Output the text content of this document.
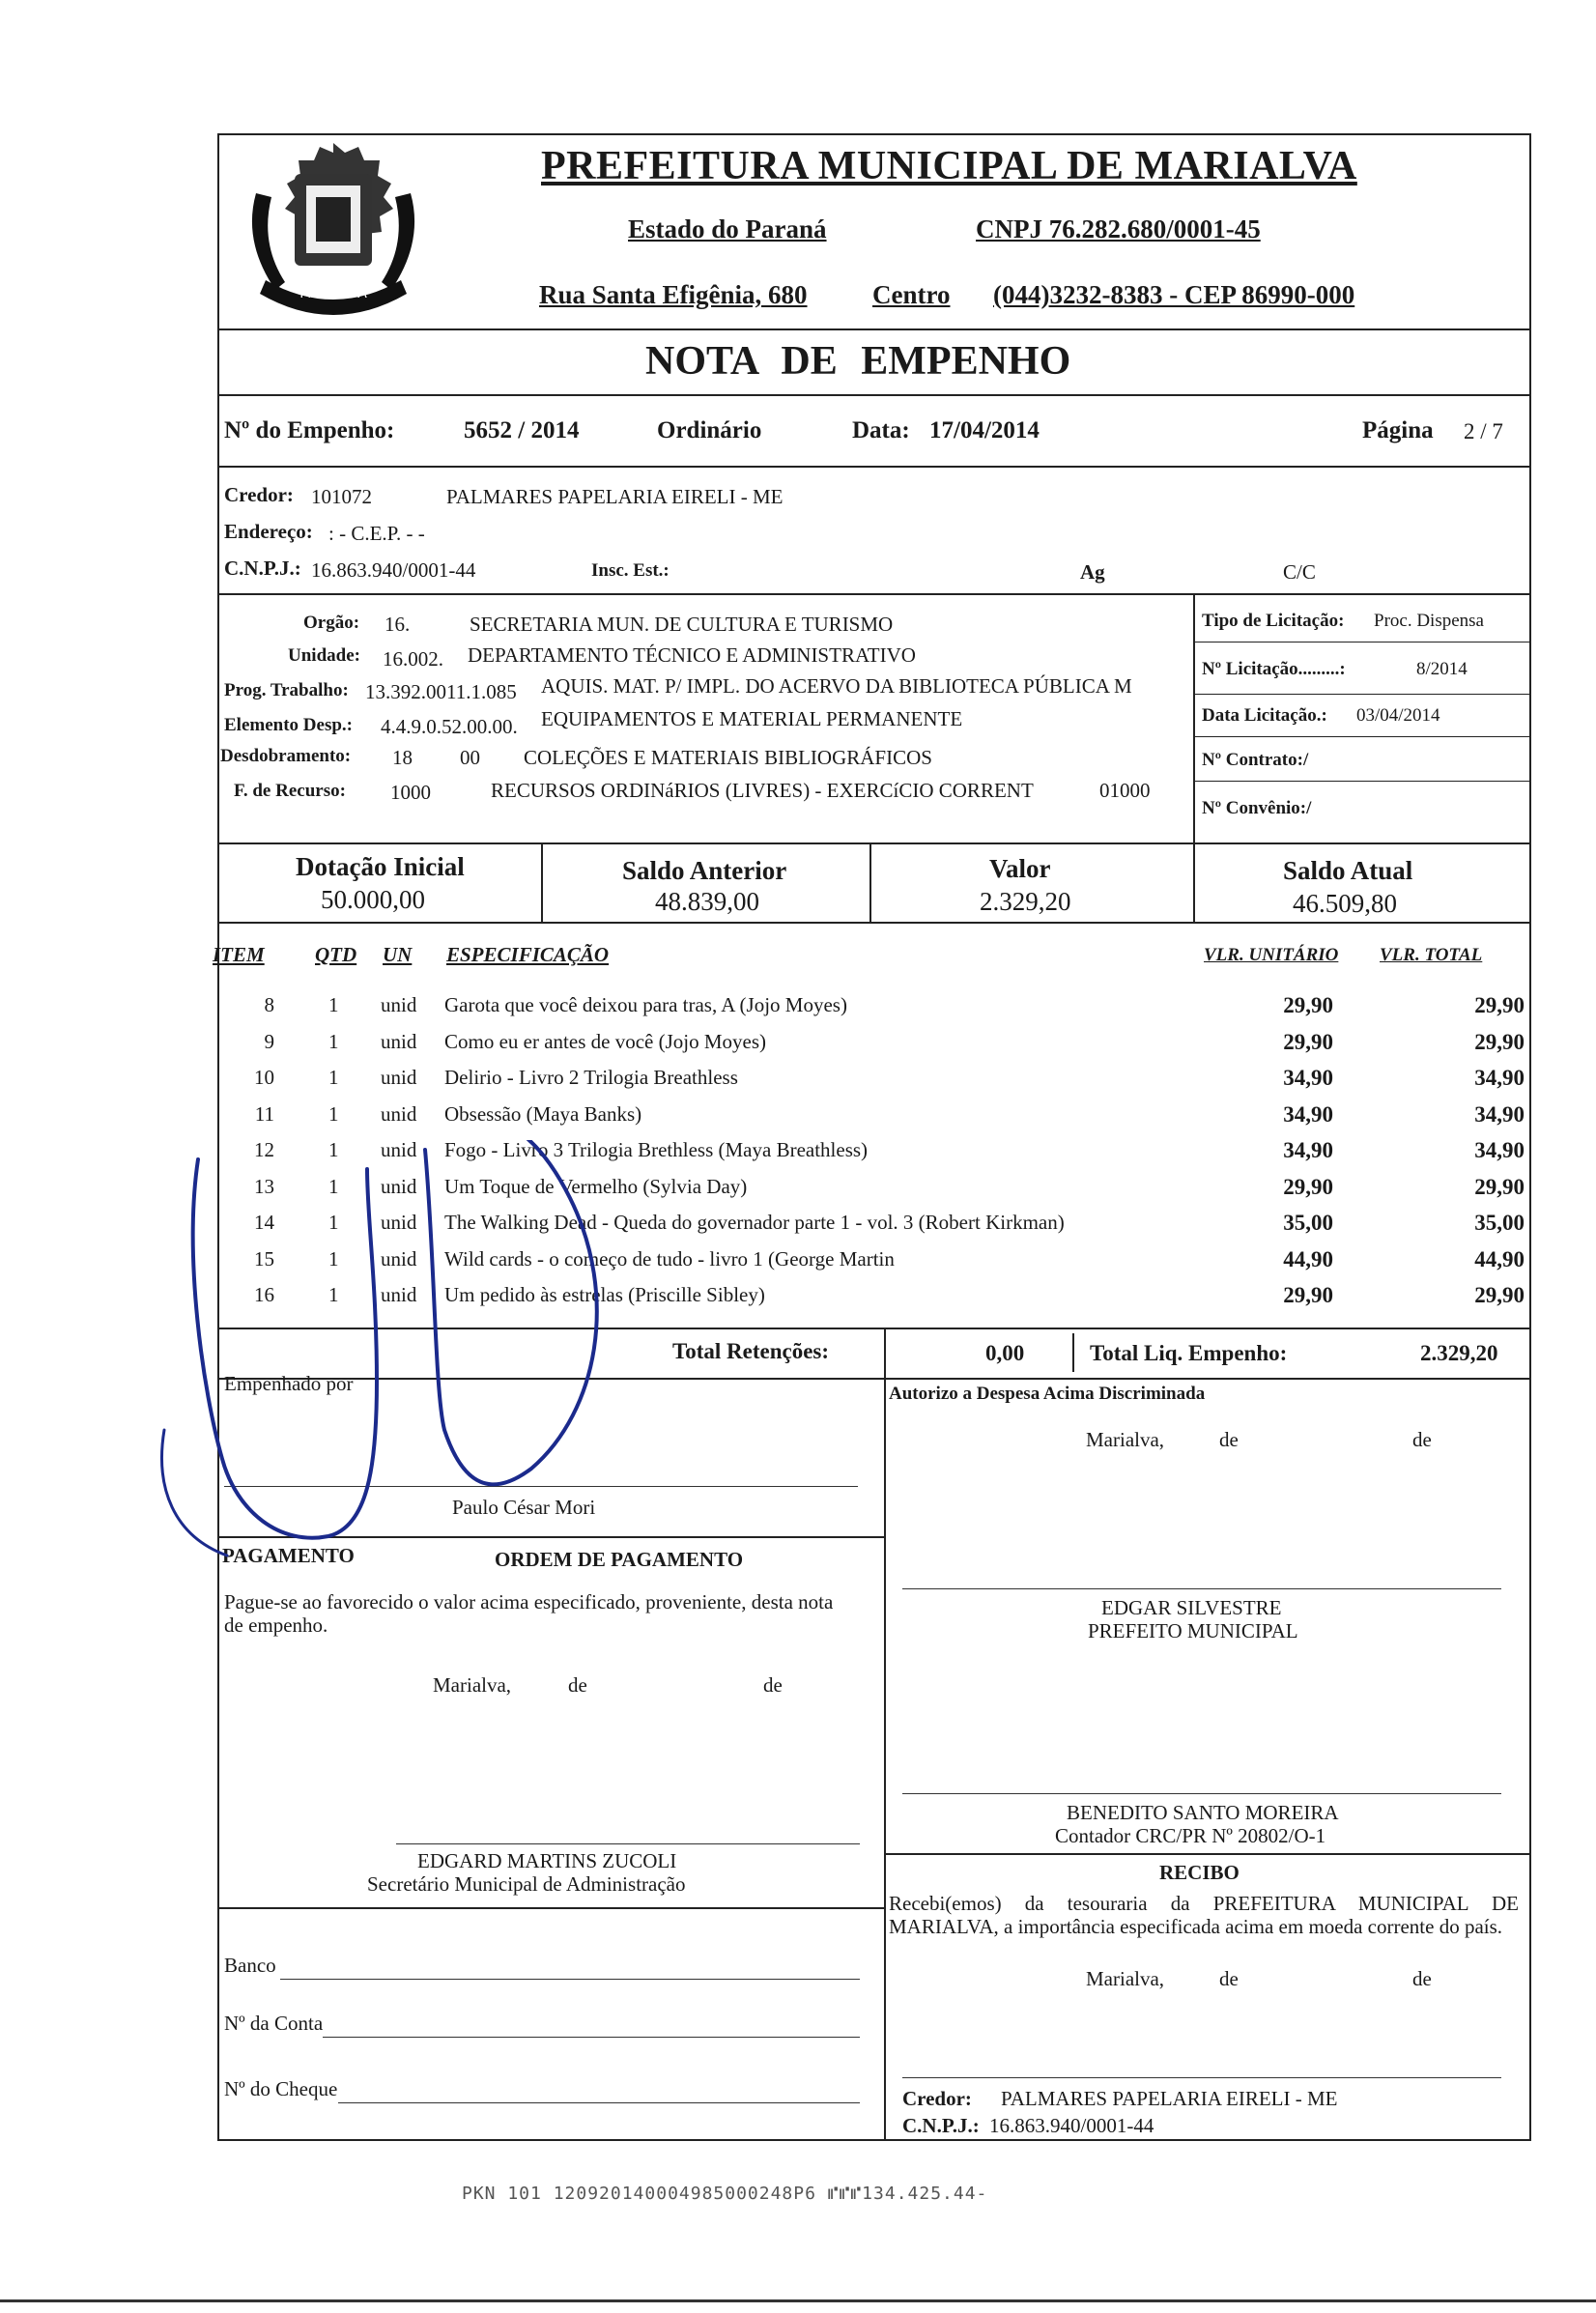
MARIALVA
PREFEITURA MUNICIPAL DE MARIALVA
Estado do Paraná	CNPJ 76.282.680/0001-45
Rua Santa Efigênia, 680 Centro (044)3232-8383 - CEP 86990-000
NOTA DE EMPENHO
Nº do Empenho:	5652 / 2014	Ordinário	Data: 17/04/2014	Página 2 / 7
Credor: 101072	PALMARES PAPELARIA EIRELI - ME
Endereço: : - C.E.P. - -
C.N.P.J.: 16.863.940/0001-44	Insc. Est.:	Ag	C/C
Orgão: 16.	SECRETARIA MUN. DE CULTURA E TURISMO
Unidade: 16.002. DEPARTAMENTO TÉCNICO E ADMINISTRATIVO
Prog. Trabalho: 13.392.0011.1.085 AQUIS. MAT. P/ IMPL. DO ACERVO DA BIBLIOTECA PÚBLICA M
Elemento Desp.: 4.4.9.0.52.00.00. EQUIPAMENTOS E MATERIAL PERMANENTE
Desdobramento: 18 00 COLEÇÕES E MATERIAIS BIBLIOGRÁFICOS
F. de Recurso: 1000	RECURSOS ORDINáRIOS (LIVRES) - EXERCíCIO CORRENT	01000
Tipo de Licitação: Proc. Dispensa
Nº Licitação.........:	8/2014
Data Licitação.: 03/04/2014
Nº Contrato:/
Nº Convênio:/
Dotação Inicial
50.000,00
Saldo Anterior
48.839,00
Valor
2.329,20
Saldo Atual
46.509,80
ITEM QTD UN ESPECIFICAÇÃO	VLR. UNITÁRIO VLR. TOTAL
8	1 unid Garota que você deixou para tras, A (Jojo Moyes)	29,90	29,90
9	1 unid Como eu er antes de você (Jojo Moyes)	29,90	29,90
10	1 unid Delirio - Livro 2 Trilogia Breathless	34,90	34,90
11	1 unid Obsessão (Maya Banks)	34,90	34,90
12	1 unid Fogo - Livro 3 Trilogia Brethless (Maya Breathless)	34,90	34,90
13	1 unid Um Toque de Vermelho (Sylvia Day)	29,90	29,90
14	1 unid The Walking Dead - Queda do governador parte 1 - vol. 3 (Robert Kirkman)	35,00	35,00
15	1 unid Wild cards - o começo de tudo - livro 1 (George Martin	44,90	44,90
16	1 unid Um pedido às estrelas (Priscille Sibley)	29,90	29,90
Total Retenções:	0,00	Total Liq. Empenho:	2.329,20
Empenhado por
Paulo César Mori
Autorizo a Despesa Acima Discriminada
Marialva,	de	de
PAGAMENTO	ORDEM DE PAGAMENTO
Pague-se ao favorecido o valor acima especificado, proveniente, desta nota de empenho.
Marialva,	de	de
EDGAR SILVESTRE
PREFEITO MUNICIPAL
BENEDITO SANTO MOREIRA
Contador CRC/PR Nº 20802/O-1
RECIBO
Recebi(emos) da tesouraria da PREFEITURA MUNICIPAL DE MARIALVA, a importância especificada acima em moeda corrente do país.
Marialva,	de	de
EDGARD MARTINS ZUCOLI
Secretário Municipal de Administração
Banco
Nº da Conta
Nº do Cheque	Credor: PALMARES PAPELARIA EIRELI - ME
C.N.P.J.: 16.863.940/0001-44
PKN 101 120920140004985000248P6 ⑈⑈⑈134.425.44-
